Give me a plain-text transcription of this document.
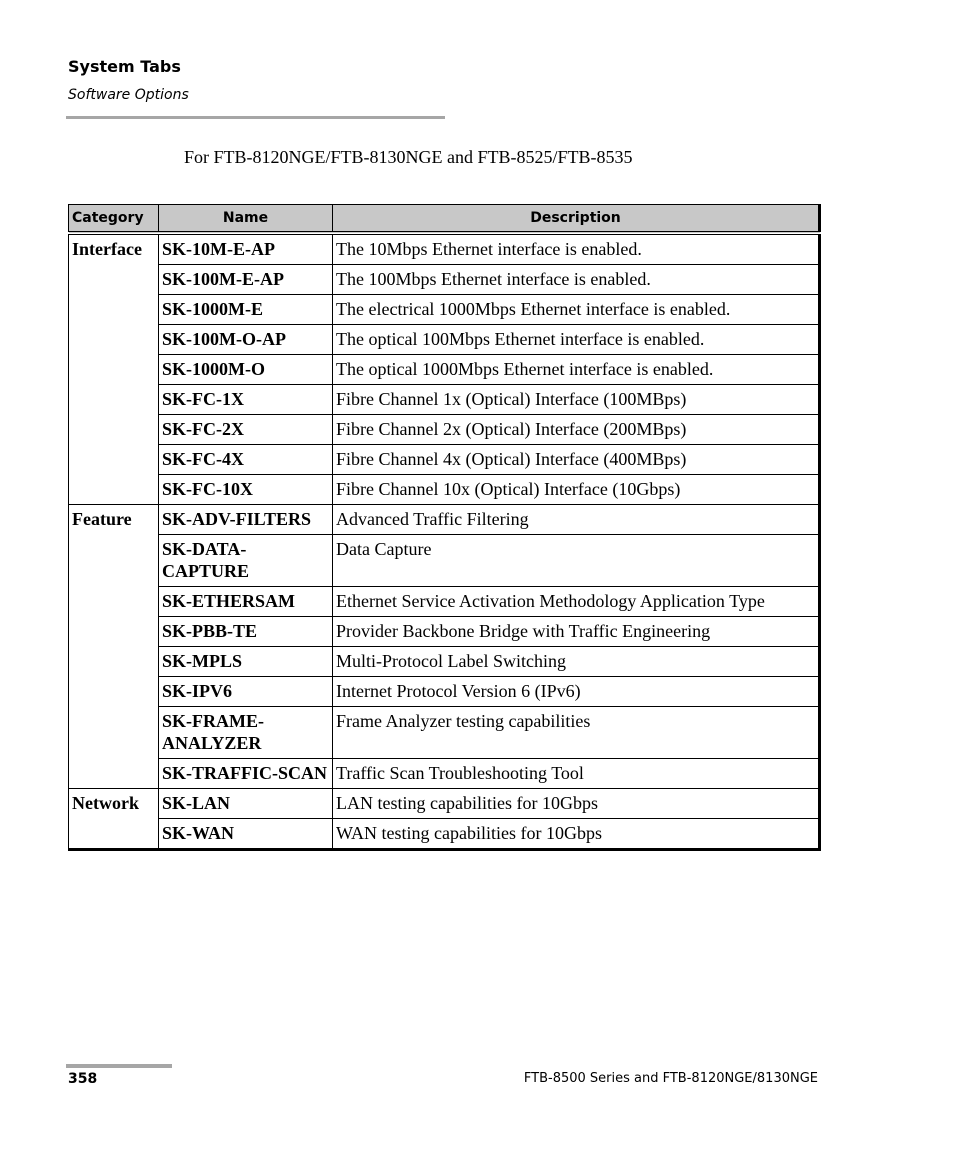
System Tabs
Software Options
For FTB-8120NGE/FTB-8130NGE and FTB-8525/FTB-8535
Category	Name	Description
Interface	SK-10M-E-AP	The 10Mbps Ethernet interface is enabled.
	SK-100M-E-AP	The 100Mbps Ethernet interface is enabled.
	SK-1000M-E	The electrical 1000Mbps Ethernet interface is enabled.
	SK-100M-O-AP	The optical 100Mbps Ethernet interface is enabled.
	SK-1000M-O	The optical 1000Mbps Ethernet interface is enabled.
	SK-FC-1X	Fibre Channel 1x (Optical) Interface (100MBps)
	SK-FC-2X	Fibre Channel 2x (Optical) Interface (200MBps)
	SK-FC-4X	Fibre Channel 4x (Optical) Interface (400MBps)
	SK-FC-10X	Fibre Channel 10x (Optical) Interface (10Gbps)
Feature	SK-ADV-FILTERS	Advanced Traffic Filtering
	SK-DATA-CAPTURE	Data Capture
	SK-ETHERSAM	Ethernet Service Activation Methodology Application Type
	SK-PBB-TE	Provider Backbone Bridge with Traffic Engineering
	SK-MPLS	Multi-Protocol Label Switching
	SK-IPV6	Internet Protocol Version 6 (IPv6)
	SK-FRAME-ANALYZER	Frame Analyzer testing capabilities
	SK-TRAFFIC-SCAN	Traffic Scan Troubleshooting Tool
Network	SK-LAN	LAN testing capabilities for 10Gbps
	SK-WAN	WAN testing capabilities for 10Gbps
358	FTB-8500 Series and FTB-8120NGE/8130NGE
